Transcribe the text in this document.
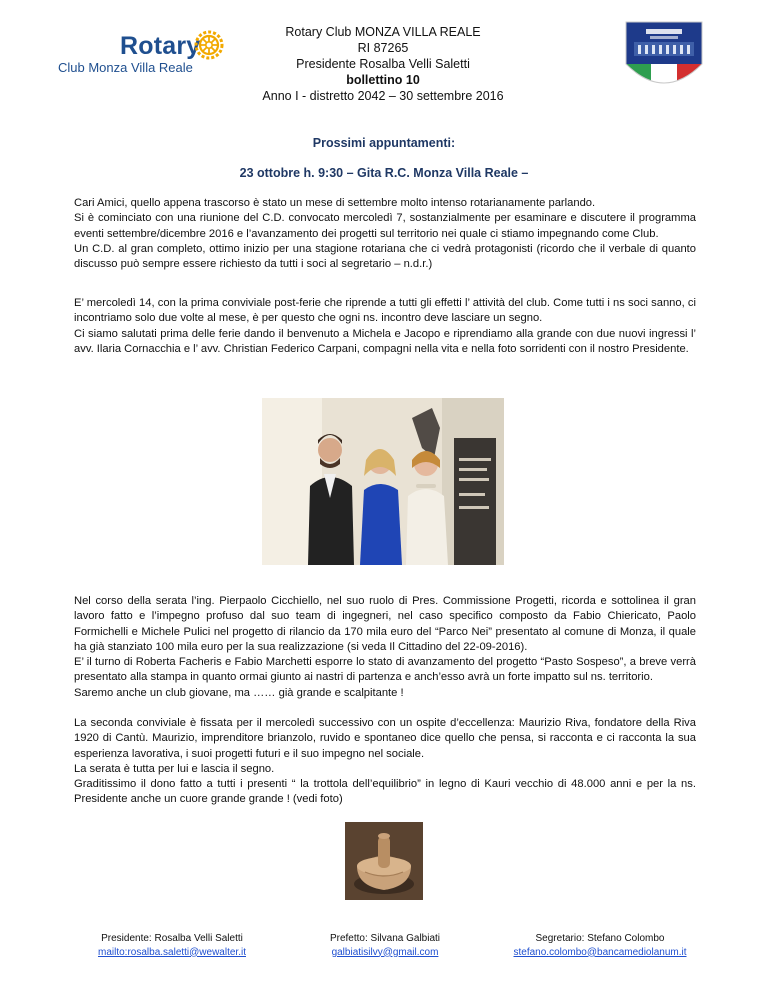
Rotary
Club Monza Villa Reale
Rotary Club MONZA VILLA REALE
RI 87265
Presidente Rosalba Velli Saletti
bollettino 10
Anno I - distretto 2042 – 30 settembre 2016
Prossimi appuntamenti:
23 ottobre h. 9:30 – Gita R.C. Monza Villa Reale –

Cari Amici, quello appena trascorso è stato un mese di settembre molto intenso rotarianamente parlando.

Si è cominciato con una riunione del C.D. convocato mercoledì 7, sostanzialmente per esaminare e discutere il programma eventi settembre/dicembre 2016 e l’avanzamento dei progetti sul territorio nei quale ci stiamo impegnando come Club.

Un C.D. al gran completo, ottimo inizio per una stagione rotariana che ci vedrà protagonisti (ricordo che il verbale di quanto discusso può sempre essere richiesto da tutti i soci al segretario – n.d.r.)

E’ mercoledì 14, con la prima conviviale post-ferie che riprende a tutti gli effetti l’ attività del club. Come tutti i ns soci sanno, ci incontriamo solo due volte al mese, è per questo che ogni ns. incontro deve lasciare un segno.

Ci siamo salutati prima delle ferie dando il benvenuto a Michela e Jacopo e riprendiamo alla grande con due nuovi ingressi l’ avv. Ilaria Cornacchia e l’ avv. Christian Federico Carpani, compagni nella vita e nella foto sorridenti con il nostro Presidente.

Nel corso della serata l’ing. Pierpaolo Cicchiello, nel suo ruolo di Pres. Commissione Progetti, ricorda e sottolinea il gran lavoro fatto e l’impegno profuso dal suo team di ingegneri, nel caso specifico composto da Fabio Chiericato, Paolo Formichelli e Michele Pulici nel progetto di rilancio da 170 mila euro del “Parco Nei” presentato al comune di Monza, il quale ha già stanziato 100 mila euro per la sua realizzazione (si veda Il Cittadino del 22-09-2016).

E’ il turno di Roberta Facheris e Fabio Marchetti esporre lo stato di avanzamento del progetto “Pasto Sospeso”, a breve verrà presentato alla stampa in quanto ormai giunto ai nastri di partenza e anch’esso avrà un forte impatto sul ns. territorio.

Saremo anche un club giovane, ma …… già grande e scalpitante !

La seconda conviviale è fissata per il mercoledì successivo con un ospite d’eccellenza: Maurizio Riva, fondatore della Riva 1920 di Cantù. Maurizio, imprenditore brianzolo, ruvido e spontaneo dice quello che pensa, si racconta e ci racconta la sua esperienza lavorativa, i suoi progetti futuri e il suo impegno nel sociale.

La serata è tutta per lui e lascia il segno.

Graditissimo il dono fatto a tutti i presenti “ la trottola dell’equilibrio” in legno di Kauri vecchio di 48.000 anni e per la ns. Presidente anche un cuore grande grande ! (vedi foto)

Presidente: Rosalba Velli Saletti
mailto:rosalba.saletti@wewalter.it
Prefetto: Silvana Galbiati
galbiatisilvy@gmail.com
Segretario: Stefano Colombo
stefano.colombo@bancamediolanum.it
